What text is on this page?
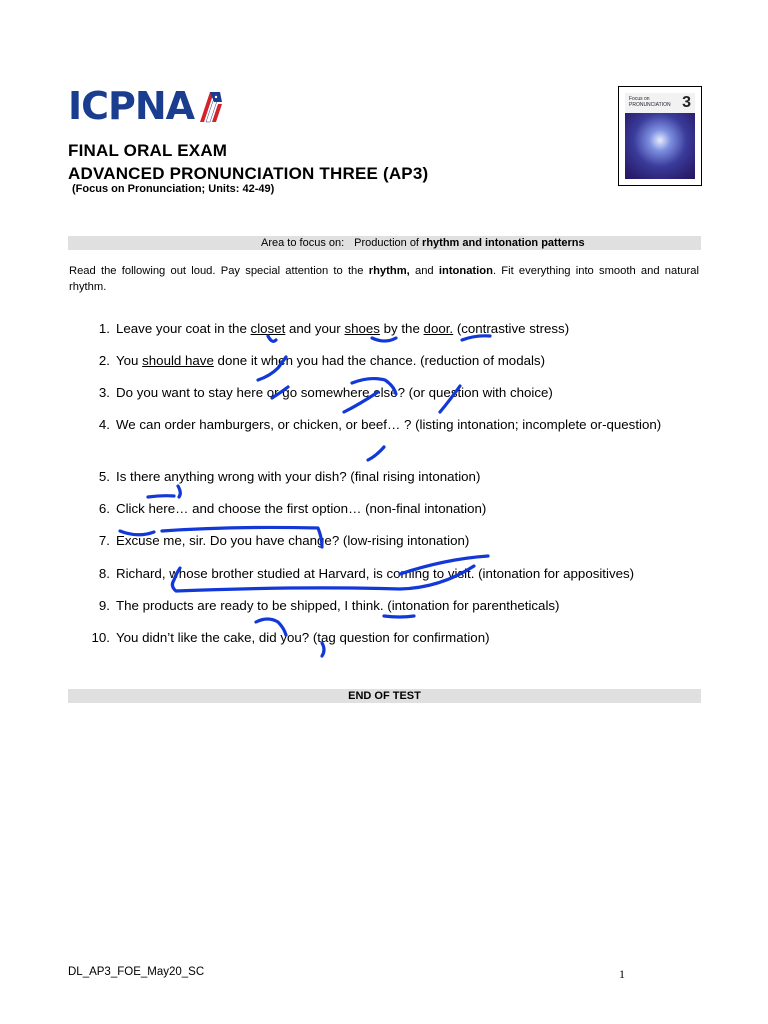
ICPNA	Focus on
PRONUNCIATION 3
FINAL ORAL EXAM
ADVANCED PRONUNCIATION THREE (AP3)
(Focus on Pronunciation; Units: 42-49)
Area to focus on: Production of rhythm and intonation patterns
Read the following out loud. Pay special attention to the rhythm, and intonation. Fit everything into smooth and natural rhythm.
1. Leave your coat in the closet and your shoes by the door. (contrastive stress)
2. You should have done it when you had the chance. (reduction of modals)
3. Do you want to stay here or go somewhere else? (or question with choice)
4. We can order hamburgers, or chicken, or beef… ? (listing intonation; incomplete or-question)
5. Is there anything wrong with your dish? (final rising intonation)
6. Click here… and choose the first option… (non-final intonation)
7. Excuse me, sir. Do you have change? (low-rising intonation)
8. Richard, whose brother studied at Harvard, is coming to visit. (intonation for appositives)
9. The products are ready to be shipped, I think. (intonation for parentheticals)
10. You didn’t like the cake, did you? (tag question for confirmation)
END OF TEST
DL_AP3_FOE_May20_SC	1
